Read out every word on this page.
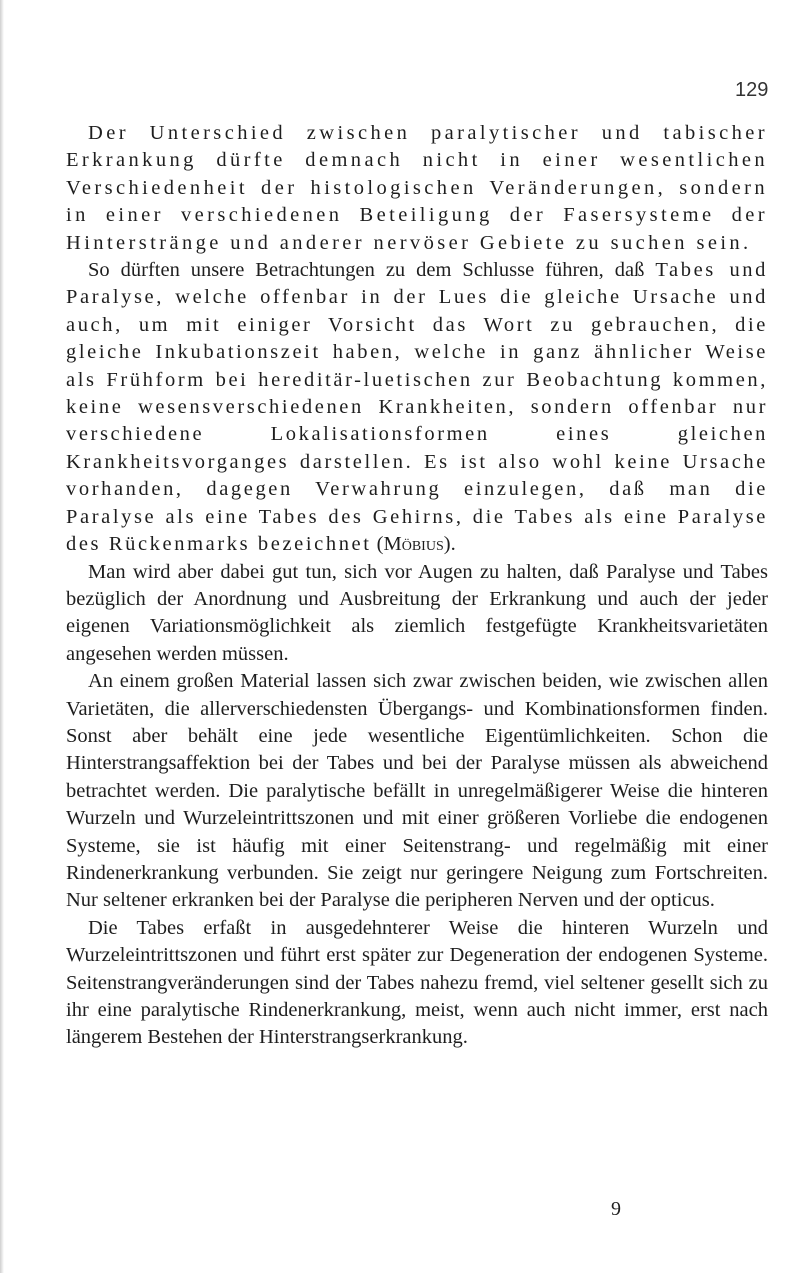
129

Der Unterschied zwischen paralytischer und tabischer Erkrankung dürfte demnach nicht in einer wesentlichen Verschiedenheit der histologischen Veränderungen, sondern in einer verschiedenen Beteiligung der Fasersysteme der Hinterstränge und anderer nervöser Gebiete zu suchen sein.

So dürften unsere Betrachtungen zu dem Schlusse führen, daß Tabes und Paralyse, welche offenbar in der Lues die gleiche Ursache und auch, um mit einiger Vorsicht das Wort zu gebrauchen, die gleiche Inkubationszeit haben, welche in ganz ähnlicher Weise als Frühform bei hereditär-luetischen zur Beobachtung kommen, keine wesensverschiedenen Krankheiten, sondern offenbar nur verschiedene Lokalisationsformen eines gleichen Krankheitsvorganges darstellen. Es ist also wohl keine Ursache vorhanden, dagegen Verwahrung einzulegen, daß man die Paralyse als eine Tabes des Gehirns, die Tabes als eine Paralyse des Rückenmarks bezeichnet (Möbius).

Man wird aber dabei gut tun, sich vor Augen zu halten, daß Paralyse und Tabes bezüglich der Anordnung und Ausbreitung der Erkrankung und auch der jeder eigenen Variationsmöglichkeit als ziemlich festgefügte Krankheitsvarietäten angesehen werden müssen.

An einem großen Material lassen sich zwar zwischen beiden, wie zwischen allen Varietäten, die allerverschiedensten Übergangs- und Kombinationsformen finden. Sonst aber behält eine jede wesentliche Eigentümlichkeiten. Schon die Hinterstrangsaffektion bei der Tabes und bei der Paralyse müssen als abweichend betrachtet werden. Die paralytische befällt in unregelmäßigerer Weise die hinteren Wurzeln und Wurzeleintrittszonen und mit einer größeren Vorliebe die endogenen Systeme, sie ist häufig mit einer Seitenstrang- und regelmäßig mit einer Rindenerkrankung verbunden. Sie zeigt nur geringere Neigung zum Fortschreiten. Nur seltener erkranken bei der Paralyse die peripheren Nerven und der opticus.

Die Tabes erfaßt in ausgedehnterer Weise die hinteren Wurzeln und Wurzeleintrittszonen und führt erst später zur Degeneration der endogenen Systeme. Seitenstrangveränderungen sind der Tabes nahezu fremd, viel seltener gesellt sich zu ihr eine paralytische Rindenerkrankung, meist, wenn auch nicht immer, erst nach längerem Bestehen der Hinterstrangserkrankung.

9
